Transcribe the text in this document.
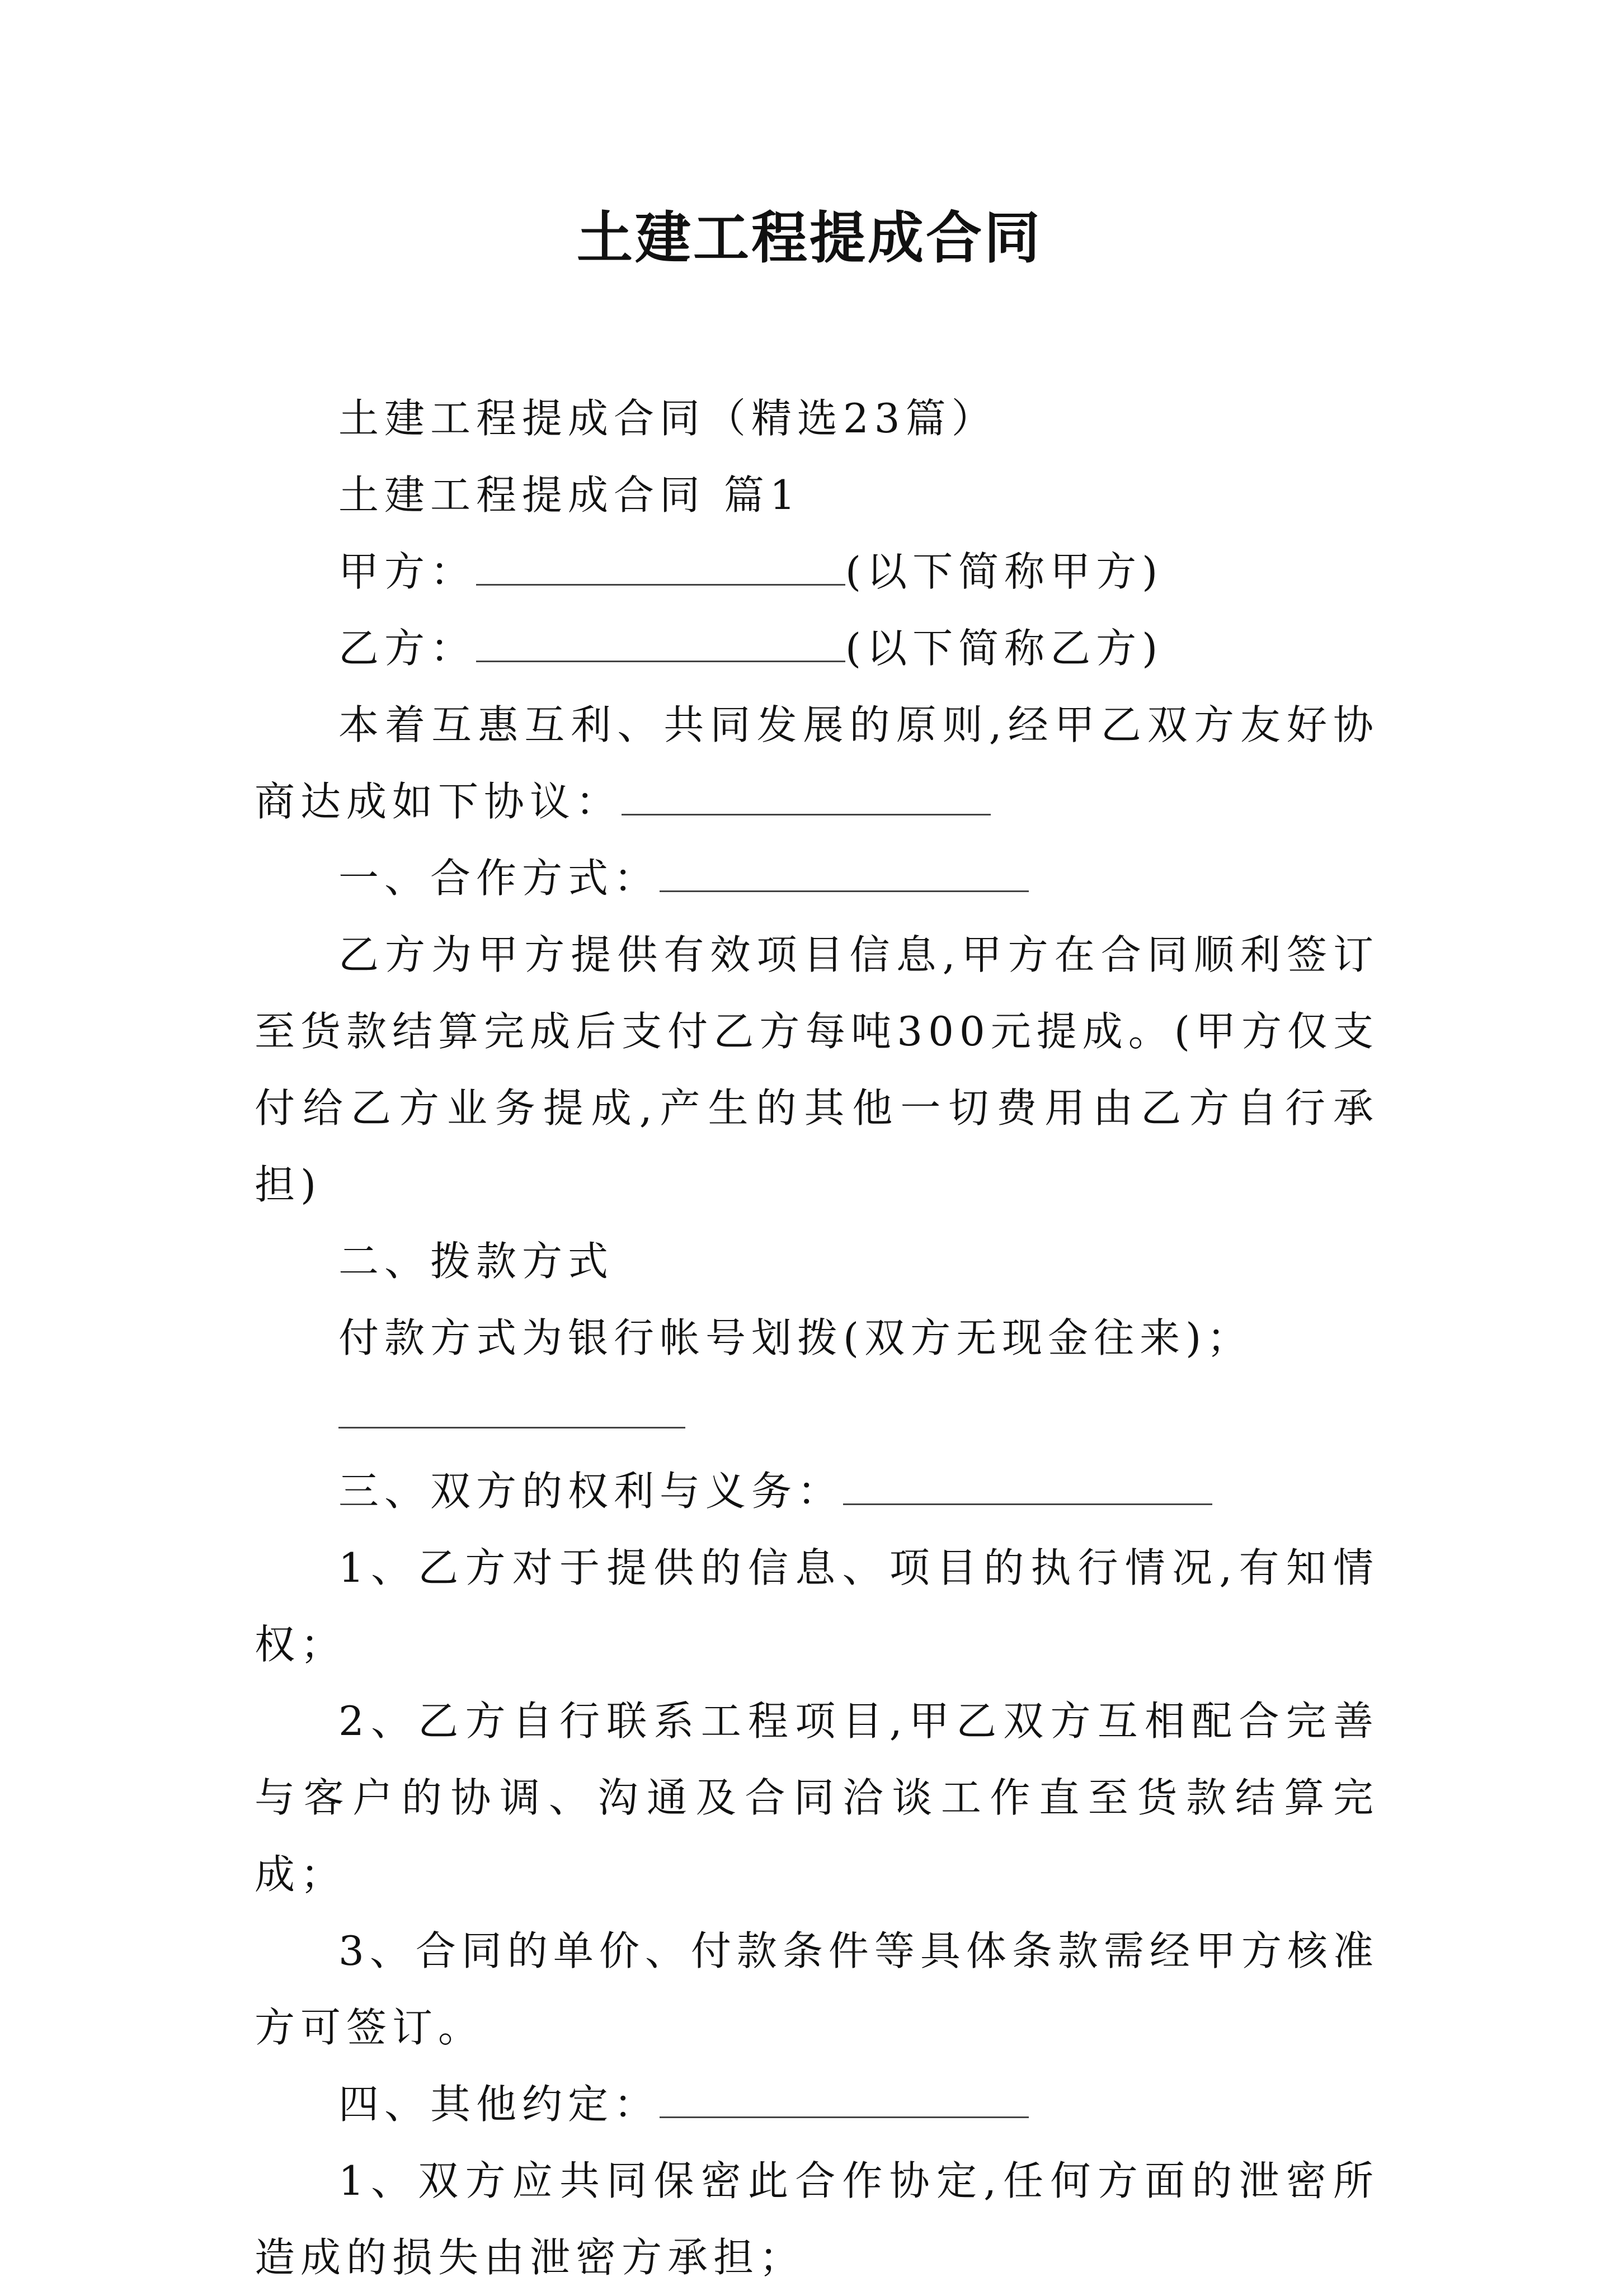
土建工程提成合同

土建工程提成合同（精选23篇）

土建工程提成合同 篇1

甲方：	(以下简称甲方)

乙方：	(以下简称乙方)

本着互惠互利、共同发展的原则,经甲乙双方友好协商达成如下协议：

一、合作方式：

乙方为甲方提供有效项目信息,甲方在合同顺利签订至货款结算完成后支付乙方每吨300元提成。(甲方仅支付给乙方业务提成,产生的其他一切费用由乙方自行承担)

二、拨款方式

付款方式为银行帐号划拨(双方无现金往来)；

三、双方的权利与义务：

1、乙方对于提供的信息、项目的执行情况,有知情权；

2、乙方自行联系工程项目,甲乙双方互相配合完善与客户的协调、沟通及合同洽谈工作直至货款结算完成；

3、合同的单价、付款条件等具体条款需经甲方核准方可签订。

四、其他约定：

1、双方应共同保密此合作协定,任何方面的泄密所造成的损失由泄密方承担；
